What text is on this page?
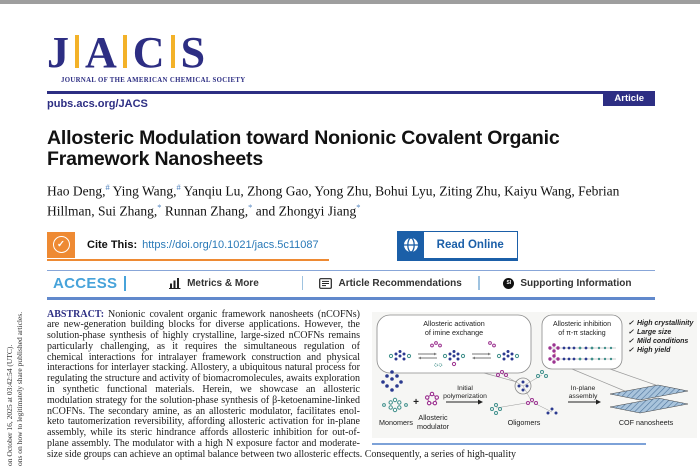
on October 16, 2025 at 03:42:54 (UTC). ons on how to legitimately share published articles.
J A C S
JOURNAL OF THE AMERICAN CHEMICAL SOCIETY
Article
pubs.acs.org/JACS
Allosteric Modulation toward Nonionic Covalent Organic Framework Nanosheets

Hao Deng,# Ying Wang,# Yanqiu Lu, Zhong Gao, Yong Zhu, Bohui Lyu, Ziting Zhu, Kaiyu Wang, Febrian Hillman, Sui Zhang,* Runnan Zhang,* and Zhongyi Jiang*

✓	Cite This: https://doi.org/10.1021/jacs.5c11087	Read Online
ACCESS	Metrics & More	Article Recommendations	SI Supporting Information
Allosteric activation
of imine exchange
Allosteric inhibition
of π-π stacking
✓ High crystallinity
✓ Large size
✓ Mild conditions
✓ High yield
+
Initial
polymerization
In-plane
assembly
Monomers
Allosteric
modulator	Oligomers	COF nanosheets

ABSTRACT: Nonionic covalent organic framework nanosheets (nCOFNs) are new-generation building blocks for diverse applications. However, the solution-phase synthesis of highly crystalline, large-sized nCOFNs remains particularly challenging, as it requires the simultaneous regulation of chemical interactions for intralayer framework construction and physical interactions for interlayer stacking. Allostery, a ubiquitous natural process for regulating the structure and activity of biomacromolecules, awaits exploration in synthetic functional materials. Herein, we showcase an allosteric modulation strategy for the solution-phase synthesis of β-ketoenamine-linked nCOFNs. The secondary amine, as an allosteric modulator, facilitates enol-keto tautomerization reversibility, affording allosteric activation for in-plane assembly, while its steric hindrance affords allosteric inhibition for out-of-plane assembly. The modulator with a high N exposure factor and moderate-size side groups can achieve an optimal balance between two allosteric effects. Consequently, a series of high-quality
